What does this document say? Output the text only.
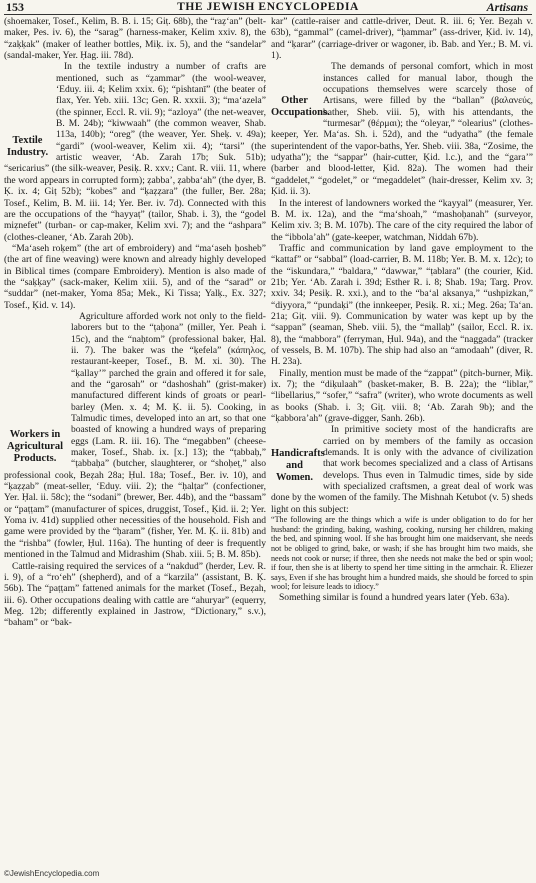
153	THE JEWISH ENCYCLOPEDIA	Artisans

(shoemaker, Tosef., Kelim, B. B. i. 15; Giṭ. 68b), the “raẓ‘an” (belt-maker, Pes. iv. 6), the “sarag” (harness-maker, Kelim xxiv. 8), the “zaḳḳak” (maker of leather bottles, Miḳ. ix. 5), and the “sandelar” (sandal-maker, Yer. Ḥag. iii. 78d).

Textile Industry.

In the textile industry a number of crafts are mentioned, such as “ẓammar” (the wool-weaver, ‘Eduy. iii. 4; Kelim xxix. 6); “pishtanī” (the beater of flax, Yer. Yeb. xiii. 13c; Gen. R. xxxii. 3); “ma‘azela” (the spinner, Eccl. R. vii. 9); “azloya” (the net-weaver, B. M. 24b); “kiwwaah” (the common weaver, Shab. 113a, 140b); “oreg” (the weaver, Yer. Sheḳ. v. 49a); “gardi” (wool-weaver, Kelim xii. 4); “tarsi” (the artistic weaver, ‘Ab. Zarah 17b; Suk. 51b); “sericarius” (the silk-weaver, Pesiḳ. R. xxv.; Cant. R. viii. 11, where the word appears in corrupted form); ẓabba’, ẓabba‘ah” (the dyer, B. Ḳ. ix. 4; Giṭ 52b); “kobes” and “ḳaẓẓara” (the fuller, Ber. 28a; Tosef., Kelim, B. M. iii. 14; Yer. Ber. iv. 7d). Connected with this are the occupations of the “hayyaṭ” (tailor, Shab. i. 3), the “godel miẓnefet” (turban- or cap-maker, Kelim xvi. 7); and the “ashpara” (clothes-cleaner, ‘Ab. Zarah 20b).

“Ma‘aseh roḳem” (the art of embroidery) and “ma‘aseh ḥosheb” (the art of fine weaving) were known and already highly developed in Biblical times (compare Embroidery). Mention is also made of the “saḳḳay” (sack-maker, Kelim xiii. 5), and of the “sarad” or “suddar” (net-maker, Yoma 85a; Mek., Ki Tissa; Yalḳ., Ex. 327; Tosef., Ḳid. v. 14).

Workers in Agricultural Products.

Agriculture afforded work not only to the field-laborers but to the “ṭaḥona” (miller, Yer. Peah i. 15c), and the “naḥtom” (professional baker, Ḥal. ii. 7). The baker was the “ḳefela” (κάπηλος, restaurant-keeper, Tosef., B. M. xi. 30). The “ḳallay’” parched the grain and offered it for sale, and the “garosah” or “dashoshah” (grist-maker) manufactured different kinds of groats or pearl-barley (Men. x. 4; M. Ḳ. ii. 5). Cooking, in Talmudic times, developed into an art, so that one boasted of knowing a hundred ways of preparing eggs (Lam. R. iii. 16). The “megabben” (cheese-maker, Tosef., Shab. ix. [x.] 13); the “ṭabbaḥ,” “ṭabbaḥa” (butcher, slaughterer, or “shoḥeṭ,” also professional cook, Beẓah 28a; Ḥul. 18a; Tosef., Ber. iv. 10), and “ḳaẓẓab” (meat-seller, ‘Eduy. viii. 2); the “ḥalṭar” (confectioner, Yer. Ḥal. ii. 58c); the “sodani” (brewer, Ber. 44b), and the “bassam” or “paṭṭam” (manufacturer of spices, druggist, Tosef., Ḳid. ii. 2; Yer. Yoma iv. 41d) supplied other necessities of the household. Fish and game were provided by the “ḥaram” (fisher, Yer. M. Ḳ. ii. 81b) and the “rishba” (fowler, Ḥul. 116a). The hunting of deer is frequently mentioned in the Talmud and Midrashim (Shab. xiii. 5; B. M. 85b).

Cattle-raising required the services of a “nakdud” (herder, Lev. R. i. 9), of a “ro‘eh” (shepherd), and of a “karzila” (assistant, B. Ḳ. 56b). The “paṭṭam” fattened animals for the market (Tosef., Beẓah, iii. 6). Other occupations dealing with cattle are “ahuryar” (equerry, Meg. 12b; differently explained in Jastrow, “Dictionary,” s.v.), “baham” or “bak-

kar” (cattle-raiser and cattle-driver, Deut. R. iii. 6; Yer. Beẓah v. 63b), “gammal” (camel-driver), “ḥammar” (ass-driver, Ḳid. iv. 14), and “ḳarar” (carriage-driver or wagoner, ib. Bab. and Yer.; B. M. vi. 1).

Other Occupations.

The demands of personal comfort, which in most instances called for manual labor, though the occupations themselves were scarcely those of Artisans, were filled by the “ballan” (βαλανεύς, bather, Sheb. viii. 5), with his attendants, the “turmesar” (θέρμαι); the “oleyar,” “olearius” (clothes-keeper, Yer. Ma‘as. Sh. i. 52d), and the “udyatha” (the female superintendent of the vapor-baths, Yer. Sheb. viii. 38a, “Zosime, the udyatha”); the “sappar” (hair-cutter, Ḳid. l.c.), and the “gara’” (barber and blood-letter, Ḳid. 82a). The women had their “gaddelet,” “godelet,” or “megaddelet” (hair-dresser, Kelim xv. 3; Ḳid. ii. 3).

In the interest of landowners worked the “kayyal” (measurer, Yer. B. M. ix. 12a), and the “ma‘shoah,” “mashoḥanah” (surveyor, Kelim xiv. 3; B. M. 107b). The care of the city required the labor of the “ibbola’ah” (gate-keeper, watchman, Niddah 67b).

Traffic and communication by land gave employment to the “kattaf” or “sabbal” (load-carrier, B. M. 118b; Yer. B. M. x. 12c); to the “iskundara,” “baldara,” “dawwar,” “ṭablara” (the courier, Ḳid. 21b; Yer. ‘Ab. Zarah i. 39d; Esther R. i. 8; Shab. 19a; Targ. Prov. xxiv. 34; Pesiḳ. R. xxi.), and to the “ba‘al aksanya,” “ushpizkan,” “diyyora,” “pundaḳi” (the innkeeper, Pesiḳ. R. xi.; Meg. 26a; Ta‘an. 21a; Giṭ. viii. 9). Communication by water was kept up by the “sappan” (seaman, Sheb. viii. 5), the “mallaḥ” (sailor, Eccl. R. ix. 8), the “mabbora” (ferryman, Ḥul. 94a), and the “naggada” (tracker of vessels, B. M. 107b). The ship had also an “amodaah” (diver, R. H. 23a).

Finally, mention must be made of the “zappat” (pitch-burner, Miḳ. ix. 7); the “diḳulaah” (basket-maker, B. B. 22a); the “liblar,” “libellarius,” “sofer,” “safra” (writer), who wrote documents as well as books (Shab. i. 3; Giṭ. viii. 8; ‘Ab. Zarah 9b); and the “ḳabbora’ah” (grave-digger, Sanh. 26b).

Handicrafts and Women.

In primitive society most of the handicrafts are carried on by members of the family as occasion demands. It is only with the advance of civilization that work becomes specialized and a class of Artisans develops. Thus even in Talmudic times, side by side with specialized craftsmen, a great deal of work was done by the women of the family. The Mishnah Ketubot (v. 5) sheds light on this subject:

“The following are the things which a wife is under obligation to do for her husband: the grinding, baking, washing, cooking, nursing her children, making the bed, and spinning wool. If she has brought him one maidservant, she needs not be obliged to grind, bake, or wash; if she has brought him two maids, she needs not cook or nurse; if three, then she needs not make the bed or spin wool; if four, then she is at liberty to spend her time sitting in the armchair. R. Eliezer says, Even if she has brought him a hundred maids, she should be forced to spin wool; for leisure leads to idiocy.”

Something similar is found a hundred years later (Yeb. 63a).

©JewishEncyclopedia.com
